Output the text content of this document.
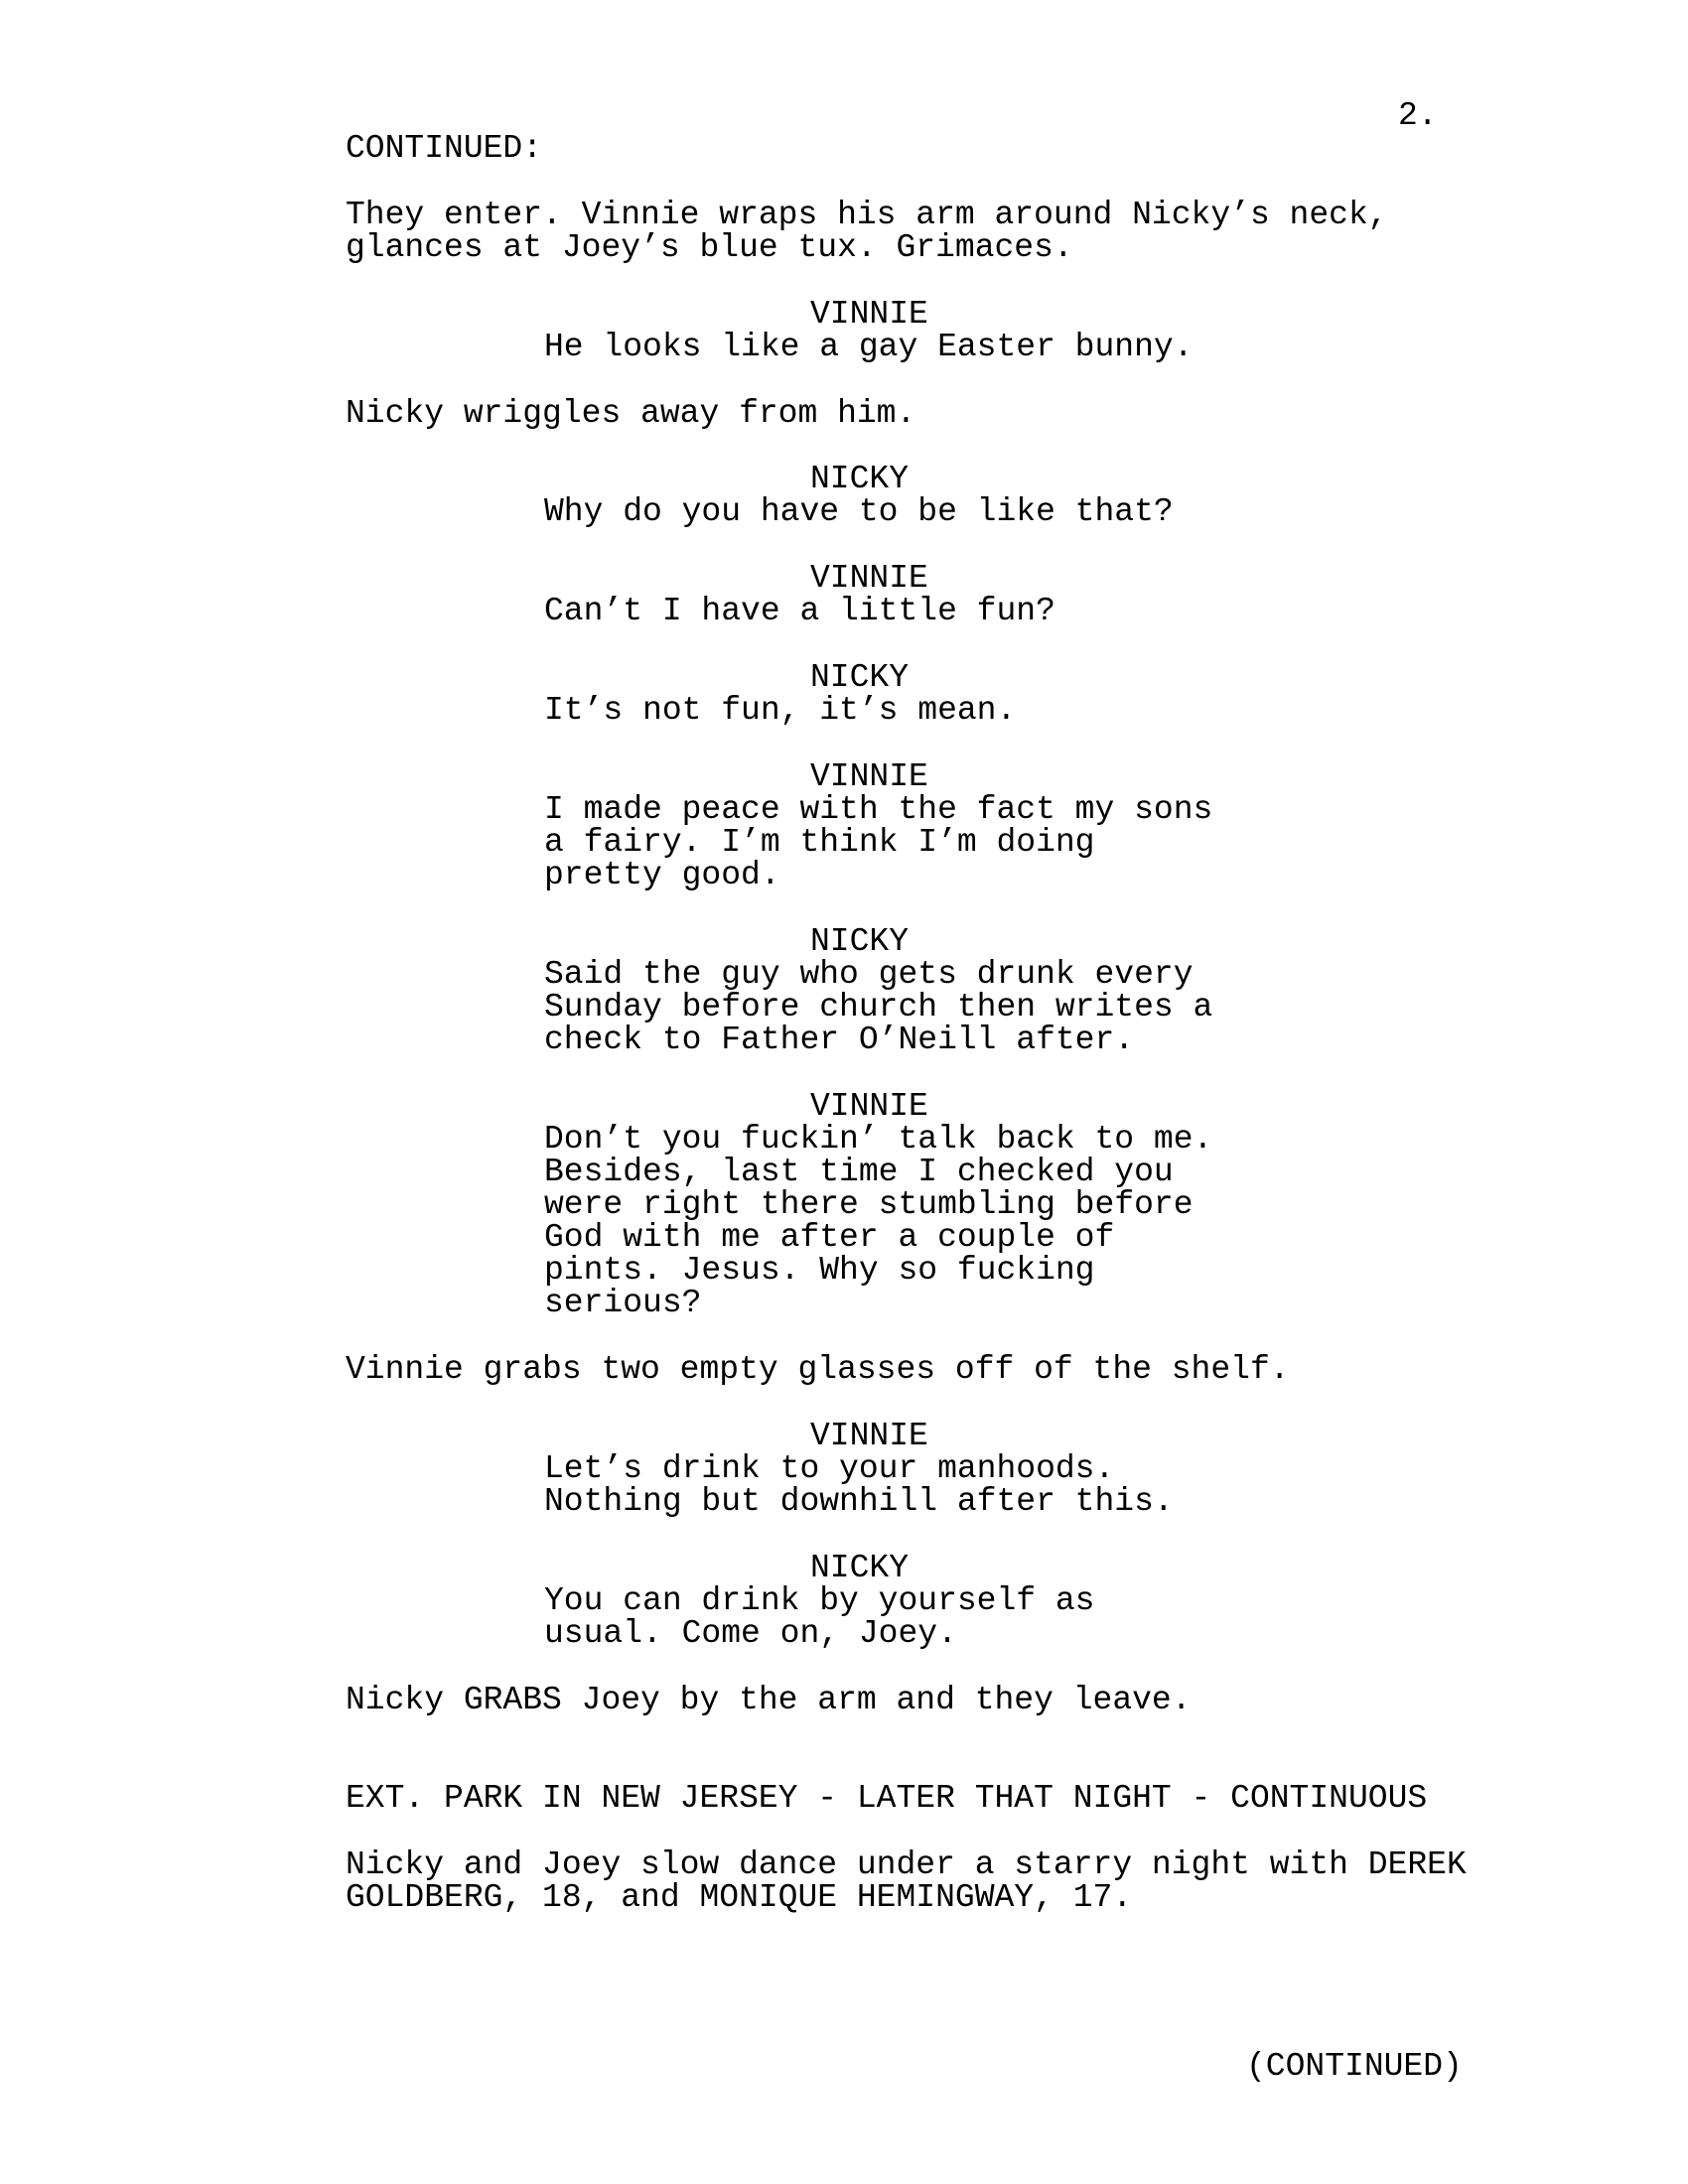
2.
CONTINUED:
They enter. Vinnie wraps his arm around Nicky’s neck,
glances at Joey’s blue tux. Grimaces.
VINNIE
He looks like a gay Easter bunny.
Nicky wriggles away from him.
NICKY
Why do you have to be like that?
VINNIE
Can’t I have a little fun?
NICKY
It’s not fun, it’s mean.
VINNIE
I made peace with the fact my sons
a fairy. I’m think I’m doing
pretty good.
NICKY
Said the guy who gets drunk every
Sunday before church then writes a
check to Father O’Neill after.
VINNIE
Don’t you fuckin’ talk back to me.
Besides, last time I checked you
were right there stumbling before
God with me after a couple of
pints. Jesus. Why so fucking
serious?
Vinnie grabs two empty glasses off of the shelf.
VINNIE
Let’s drink to your manhoods.
Nothing but downhill after this.
NICKY
You can drink by yourself as
usual. Come on, Joey.
Nicky GRABS Joey by the arm and they leave.
EXT. PARK IN NEW JERSEY - LATER THAT NIGHT - CONTINUOUS
Nicky and Joey slow dance under a starry night with DEREK
GOLDBERG, 18, and MONIQUE HEMINGWAY, 17.
(CONTINUED)
